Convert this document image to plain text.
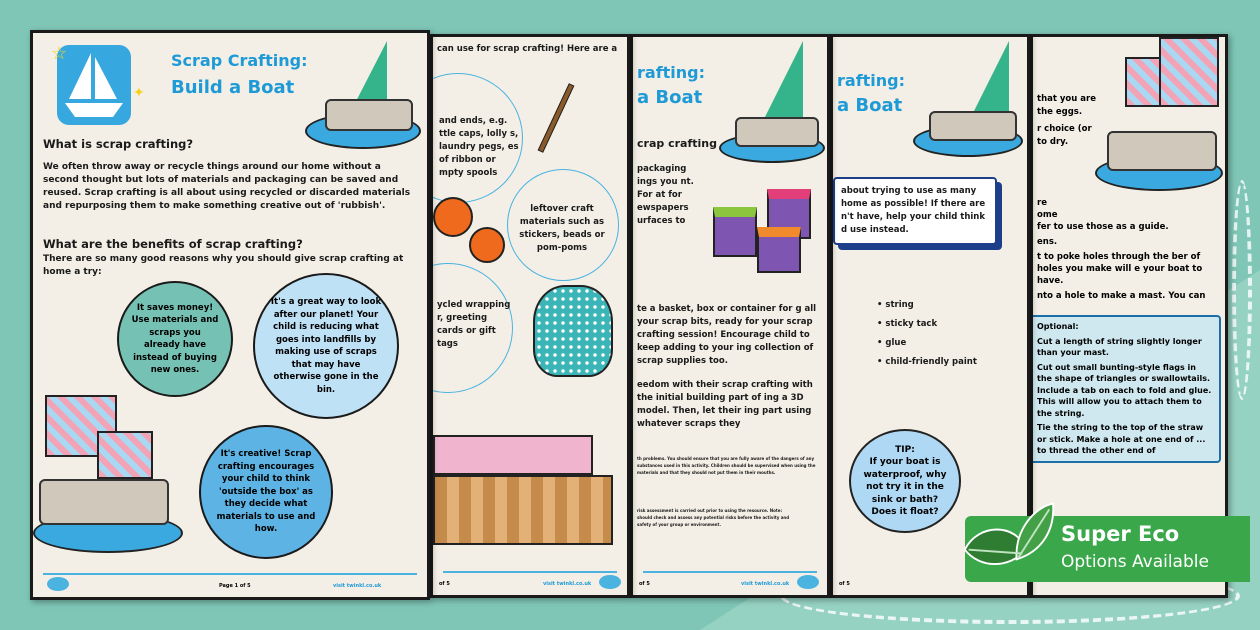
☆
✦
Scrap Crafting:
Build a Boat
What is scrap crafting?
We often throw away or recycle things around our home without a second thought but lots of materials and packaging can be saved and reused. Scrap crafting is all about using recycled or discarded materials and repurposing them to make something creative out of 'rubbish'.
What are the benefits of scrap crafting?
There are so many good reasons why you should give scrap crafting at home a try:
It saves money! Use materials and scraps you already have instead of buying new ones.
It's a great way to look after our planet! Your child is reducing what goes into landfills by making use of scraps that may have otherwise gone in the bin.
It's creative! Scrap crafting encourages your child to think 'outside the box' as they decide what materials to use and how.
Page 1 of 5	visit twinkl.co.uk
can use for scrap crafting! Here are a
and ends, e.g. ttle caps, lolly s, laundry pegs, es of ribbon or mpty spools
leftover craft materials such as stickers, beads or pom-poms
ycled wrapping r, greeting cards or gift tags
of 5	visit twinkl.co.uk
rafting:
a Boat
crap crafting
packaging ings you nt. For at for ewspapers urfaces to
te a basket, box or container for g all your scrap bits, ready for your scrap crafting session! Encourage child to keep adding to your ing collection of scrap supplies too.
eedom with their scrap crafting with the initial building part of ing a 3D model. Then, let their ing part using whatever scraps they
th problems. You should ensure that you are fully aware of the dangers of any substances used in this activity. Children should be supervised when using the materials and that they should not put them in their mouths.
risk assessment is carried out prior to using the resource. Note: should check and assess any potential risks before the activity and safety of your group or environment.
of 5	visit twinkl.co.uk
rafting:
a Boat
about trying to use as many home as possible! If there are n't have, help your child think d use instead.
• string
• sticky tack
• glue
• child-friendly paint
TIP:
If your boat is waterproof, why not try it in the sink or bath? Does it float?
of 5
that you are
the eggs.
r choice (or
to dry.
re
ome
fer to use those as a guide.
ens.
t to poke holes through the ber of holes you make will e your boat to have.
nto a hole to make a mast. You can
Optional:
Cut a length of string slightly longer than your mast.
Cut out small bunting-style flags in the shape of triangles or swallowtails. Include a tab on each to fold and glue. This will allow you to attach them to the string.
Tie the string to the top of the straw or stick. Make a hole at one end of ... to thread the other end of
Super Eco
Options Available
